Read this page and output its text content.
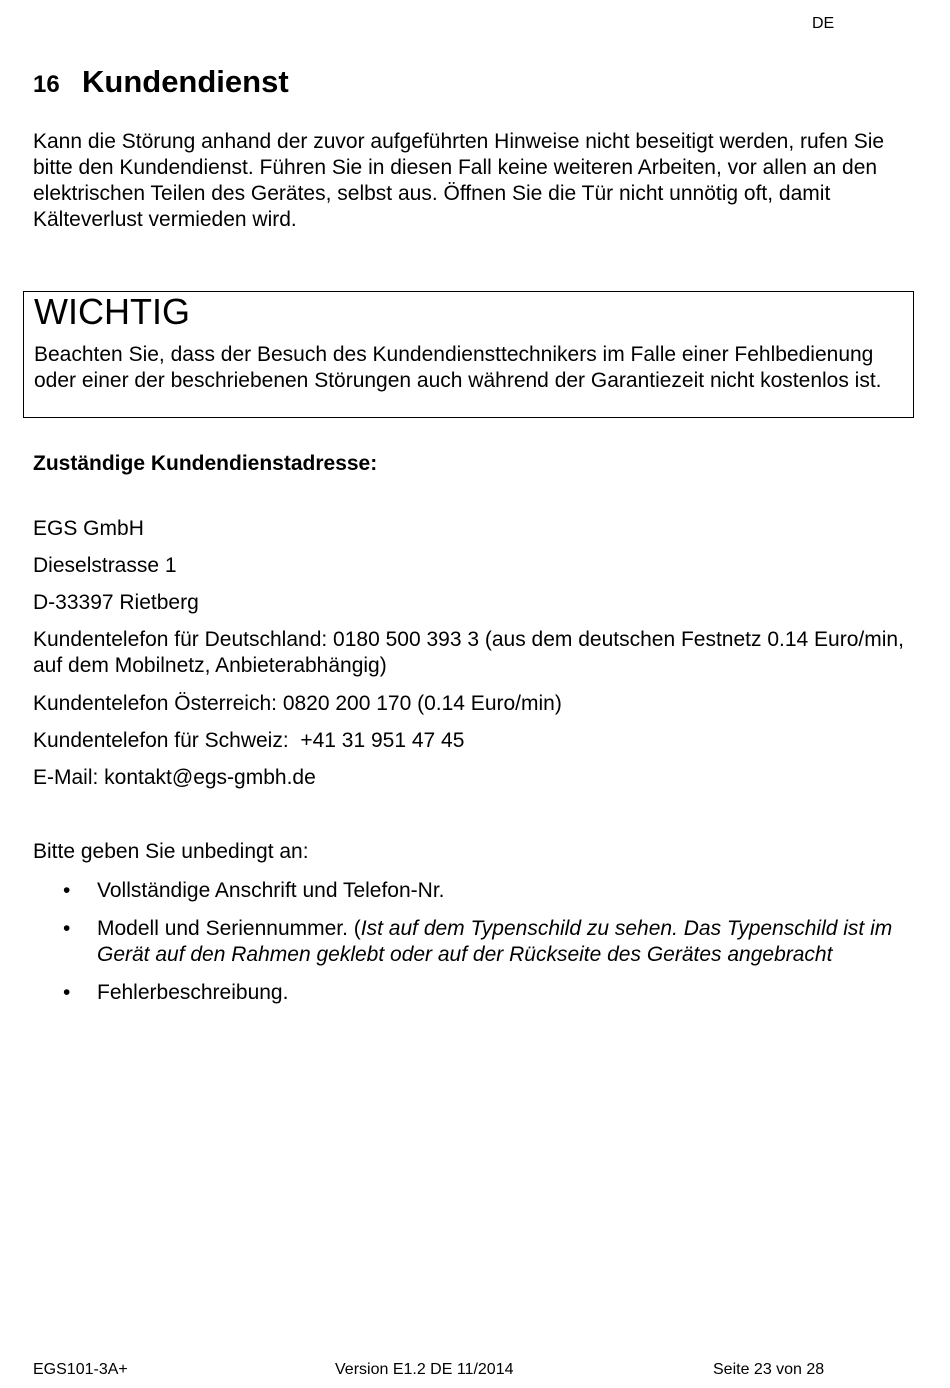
DE
16 Kundendienst

Kann die Störung anhand der zuvor aufgeführten Hinweise nicht beseitigt werden, rufen Sie bitte den Kundendienst. Führen Sie in diesen Fall keine weiteren Arbeiten, vor allen an den elektrischen Teilen des Gerätes, selbst aus. Öffnen Sie die Tür nicht unnötig oft, damit Kälteverlust vermieden wird.

WICHTIG

Beachten Sie, dass der Besuch des Kundendiensttechnikers im Falle einer Fehlbedienung oder einer der beschriebenen Störungen auch während der Garantiezeit nicht kostenlos ist.

Zuständige Kundendienstadresse:

EGS GmbH

Dieselstrasse 1

D-33397 Rietberg

Kundentelefon für Deutschland: 0180 500 393 3 (aus dem deutschen Festnetz 0.14 Euro/min, auf dem Mobilnetz, Anbieterabhängig)

Kundentelefon Österreich: 0820 200 170 (0.14 Euro/min)

Kundentelefon für Schweiz:  +41 31 951 47 45

E-Mail: kontakt@egs-gmbh.de

Bitte geben Sie unbedingt an:

• Vollständige Anschrift und Telefon-Nr.
• Modell und Seriennummer. (Ist auf dem Typenschild zu sehen. Das Typenschild ist im Gerät auf den Rahmen geklebt oder auf der Rückseite des Gerätes angebracht
• Fehlerbeschreibung.
EGS101-3A+	Version E1.2 DE 11/2014	Seite 23 von 28
